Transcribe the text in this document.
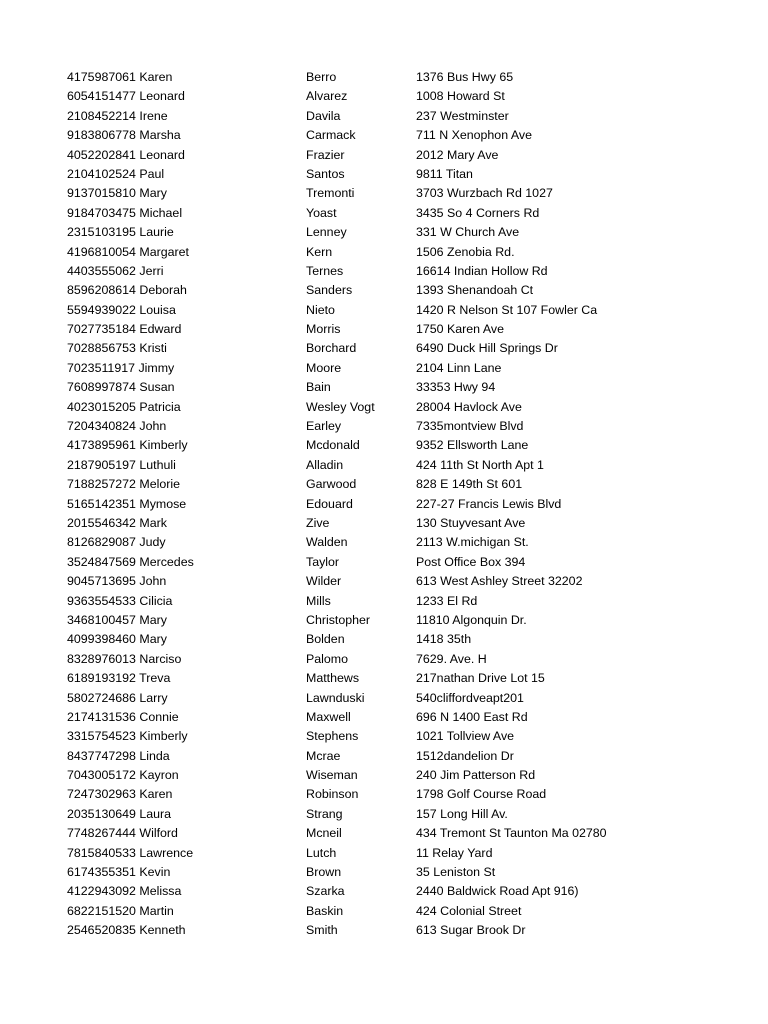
4175987061 Karen	Berro	1376 Bus Hwy 65
6054151477 Leonard	Alvarez	1008 Howard St
2108452214 Irene	Davila	237 Westminster
9183806778 Marsha	Carmack	711 N Xenophon Ave
4052202841 Leonard	Frazier	2012 Mary Ave
2104102524 Paul	Santos	9811 Titan
9137015810 Mary	Tremonti	3703 Wurzbach Rd 1027
9184703475 Michael	Yoast	3435 So 4 Corners Rd
2315103195 Laurie	Lenney	331 W Church Ave
4196810054 Margaret	Kern	1506 Zenobia Rd.
4403555062 Jerri	Ternes	16614 Indian Hollow Rd
8596208614 Deborah	Sanders	1393 Shenandoah Ct
5594939022 Louisa	Nieto	1420 R Nelson St 107 Fowler Ca
7027735184 Edward	Morris	1750 Karen Ave
7028856753 Kristi	Borchard	6490 Duck Hill Springs Dr
7023511917 Jimmy	Moore	2104 Linn Lane
7608997874 Susan	Bain	33353 Hwy 94
4023015205 Patricia	Wesley Vogt	28004 Havlock Ave
7204340824 John	Earley	7335montview Blvd
4173895961 Kimberly	Mcdonald	9352 Ellsworth Lane
2187905197 Luthuli	Alladin	424 11th St North Apt 1
7188257272 Melorie	Garwood	828 E 149th St 601
5165142351 Mymose	Edouard	227-27 Francis Lewis Blvd
2015546342 Mark	Zive	130 Stuyvesant Ave
8126829087 Judy	Walden	2113 W.michigan St.
3524847569 Mercedes	Taylor	Post Office Box 394
9045713695 John	Wilder	613 West Ashley Street 32202
9363554533 Cilicia	Mills	1233 El Rd
3468100457 Mary	Christopher	11810 Algonquin Dr.
4099398460 Mary	Bolden	1418 35th
8328976013 Narciso	Palomo	7629. Ave. H
6189193192 Treva	Matthews	217nathan Drive Lot 15
5802724686 Larry	Lawnduski	540cliffordveapt201
2174131536 Connie	Maxwell	696 N 1400 East Rd
3315754523 Kimberly	Stephens	1021 Tollview Ave
8437747298 Linda	Mcrae	1512dandelion Dr
7043005172 Kayron	Wiseman	240 Jim Patterson Rd
7247302963 Karen	Robinson	1798 Golf Course Road
2035130649 Laura	Strang	157 Long Hill Av.
7748267444 Wilford	Mcneil	434 Tremont St Taunton Ma 02780
7815840533 Lawrence	Lutch	11 Relay Yard
6174355351 Kevin	Brown	35 Leniston St
4122943092 Melissa	Szarka	2440 Baldwick Road Apt 916)
6822151520 Martin	Baskin	424 Colonial Street
2546520835 Kenneth	Smith	613 Sugar Brook Dr
